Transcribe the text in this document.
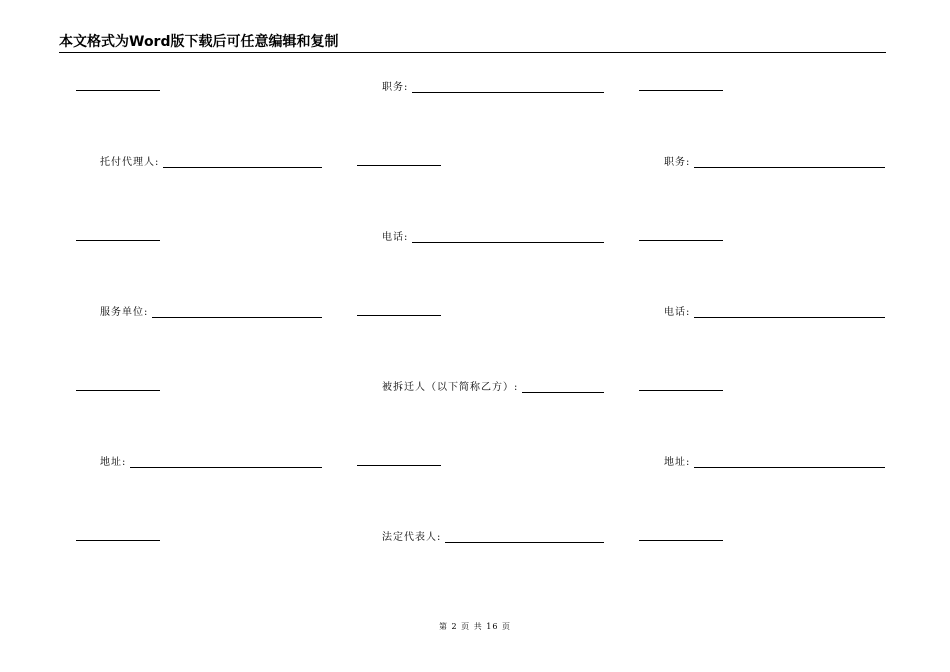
本文格式为Word版下载后可任意编辑和复制
职务:
托付代理人:	职务:
电话:
服务单位:	电话:
被拆迁人（以下简称乙方）:
地址:	地址:
法定代表人:
第 2 页 共 16 页
